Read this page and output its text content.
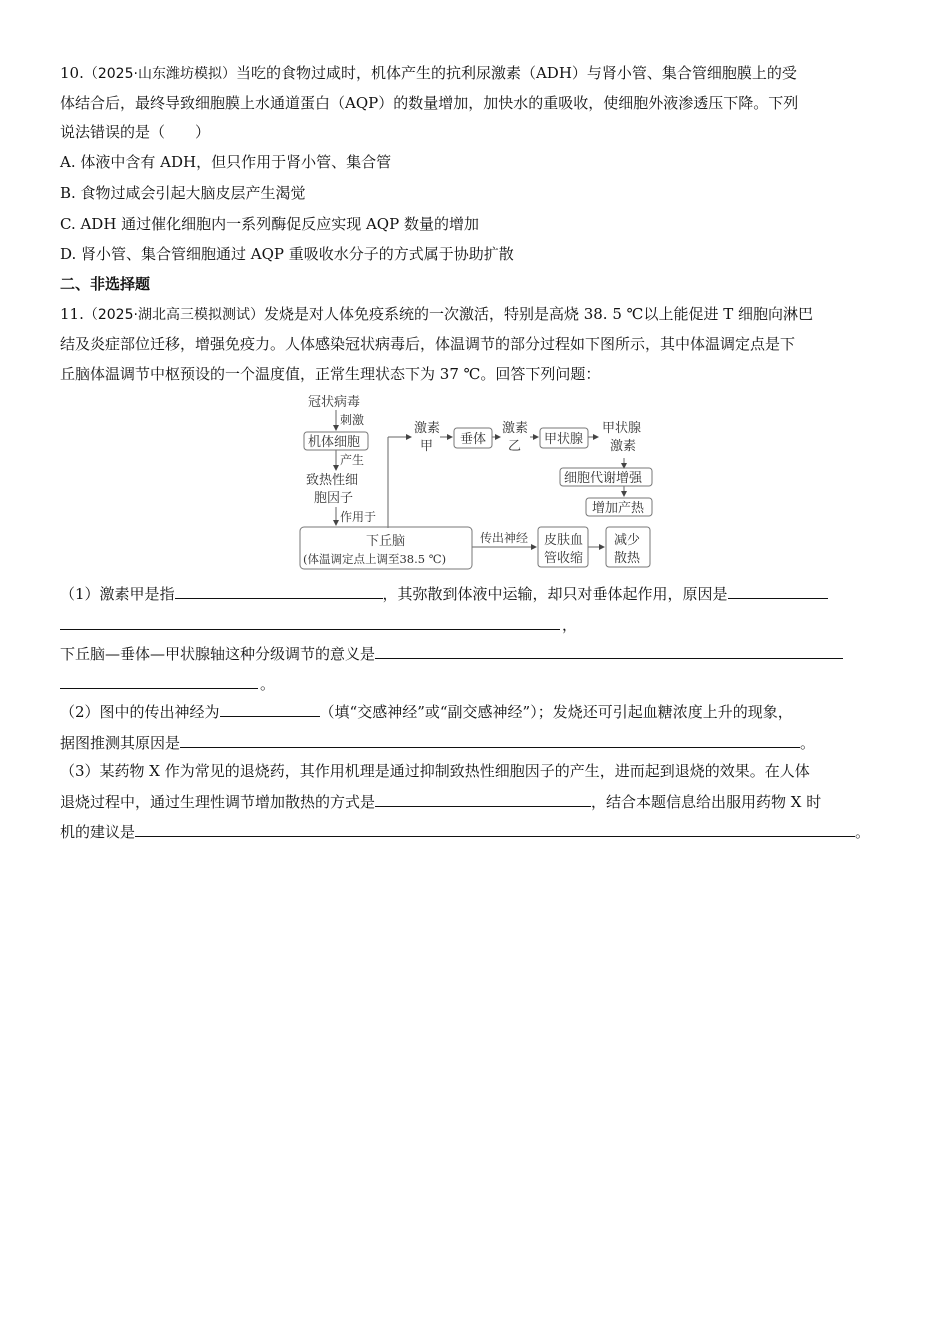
10.（2025·山东潍坊模拟）当吃的食物过咸时，机体产生的抗利尿激素（ADH）与肾小管、集合管细胞膜上的受
体结合后，最终导致细胞膜上水通道蛋白（AQP）的数量增加，加快水的重吸收，使细胞外液渗透压下降。下列
说法错误的是（　　）
A. 体液中含有 ADH，但只作用于肾小管、集合管
B. 食物过咸会引起大脑皮层产生渴觉
C. ADH 通过催化细胞内一系列酶促反应实现 AQP 数量的增加
D. 肾小管、集合管细胞通过 AQP 重吸收水分子的方式属于协助扩散
二、非选择题
11.（2025·湖北高三模拟测试）发烧是对人体免疫系统的一次激活，特别是高烧 38. 5 ℃以上能促进 T 细胞向淋巴
结及炎症部位迁移，增强免疫力。人体感染冠状病毒后，体温调节的部分过程如下图所示，其中体温调定点是下
丘脑体温调节中枢预设的一个温度值，正常生理状态下为 37 ℃。回答下列问题：
冠状病毒
刺激
机体细胞
产生
致热性细
胞因子
作用于
下丘脑
(体温调定点上调至38.5 ℃)
激素
甲 垂体
激素
乙 甲状腺
甲状腺
激素
细胞代谢增强
增加产热
传出神经 皮肤血
管收缩
减少
散热
（1）激素甲是指	，其弥散到体液中运输，却只对垂体起作用，原因是
，
下丘脑—垂体—甲状腺轴这种分级调节的意义是
。
（2）图中的传出神经为	（填“交感神经”或“副交感神经”）；发烧还可引起血糖浓度上升的现象，
据图推测其原因是	。
（3）某药物 X 作为常见的退烧药，其作用机理是通过抑制致热性细胞因子的产生，进而起到退烧的效果。在人体
退烧过程中，通过生理性调节增加散热的方式是	，结合本题信息给出服用药物 X 时
机的建议是	。
